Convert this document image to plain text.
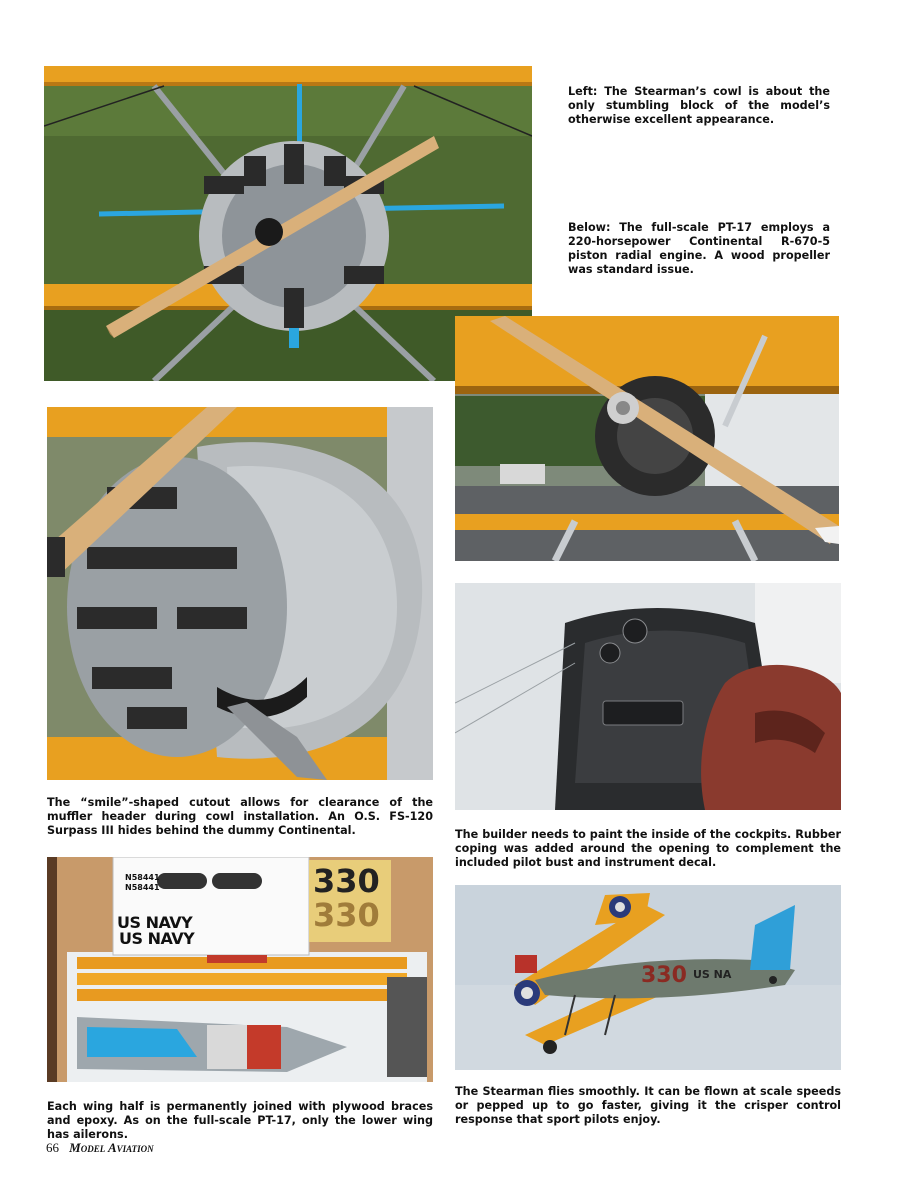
Left: The Stearman’s cowl is about the only stumbling block of the model’s otherwise excellent appearance.

Below: The full-scale PT-17 employs a 220-horsepower Continental R-670-5 piston radial engine. A wood propeller was standard issue.

The “smile”-shaped cutout allows for clearance of the muffler header during cowl installation. An O.S. FS-120 Surpass III hides behind the dummy Continental.	The builder needs to paint the inside of the cockpits. Rubber coping was added around the opening to complement the included pilot bust and instrument decal.

N58441
N58441
US NAVY
US NAVY
330
330

Each wing half is permanently joined with plywood braces and epoxy. As on the full-scale PT-17, only the lower wing has ailerons.

330 US NA

The Stearman flies smoothly. It can be flown at scale speeds or pepped up to go faster, giving it the crisper control response that sport pilots enjoy.

66 Model Aviation
